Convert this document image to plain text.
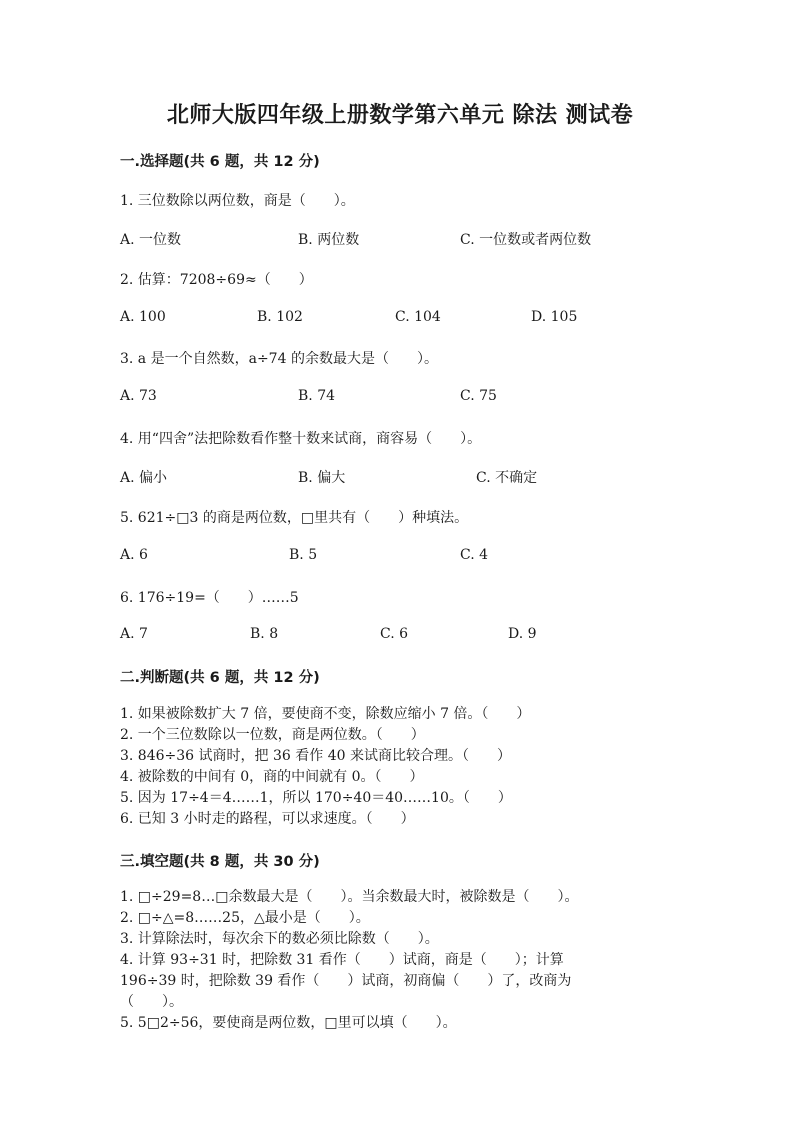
北师大版四年级上册数学第六单元 除法 测试卷
一.选择题(共 6 题，共 12 分)
1. 三位数除以两位数，商是（　　）。
A. 一位数	B. 两位数	C. 一位数或者两位数
2. 估算：7208÷69≈（　　）
A. 100	B. 102	C. 104	D. 105
3. a 是一个自然数，a÷74 的余数最大是（　　）。
A. 73	B. 74	C. 75
4. 用“四舍”法把除数看作整十数来试商，商容易（　　）。
A. 偏小	B. 偏大	C. 不确定
5. 621÷□3 的商是两位数，□里共有（　　）种填法。
A. 6	B. 5	C. 4
6. 176÷19=（　　）……5
A. 7	B. 8	C. 6	D. 9
二.判断题(共 6 题，共 12 分)
1. 如果被除数扩大 7 倍，要使商不变，除数应缩小 7 倍。（　　）
2. 一个三位数除以一位数，商是两位数。（　　）
3. 846÷36 试商时，把 36 看作 40 来试商比较合理。（　　）
4. 被除数的中间有 0，商的中间就有 0。（　　）
5. 因为 17÷4＝4……1，所以 170÷40＝40……10。（　　）
6. 已知 3 小时走的路程，可以求速度。（　　）
三.填空题(共 8 题，共 30 分)
1. □÷29=8…□余数最大是（　　）。当余数最大时，被除数是（　　）。
2. □÷△=8……25，△最小是（　　）。
3. 计算除法时，每次余下的数必须比除数（　　）。
4. 计算 93÷31 时，把除数 31 看作（　　）试商，商是（　　）；计算
196÷39 时，把除数 39 看作（　　）试商，初商偏（　　）了，改商为
（　　）。
5. 5□2÷56，要使商是两位数，□里可以填（　　）。
